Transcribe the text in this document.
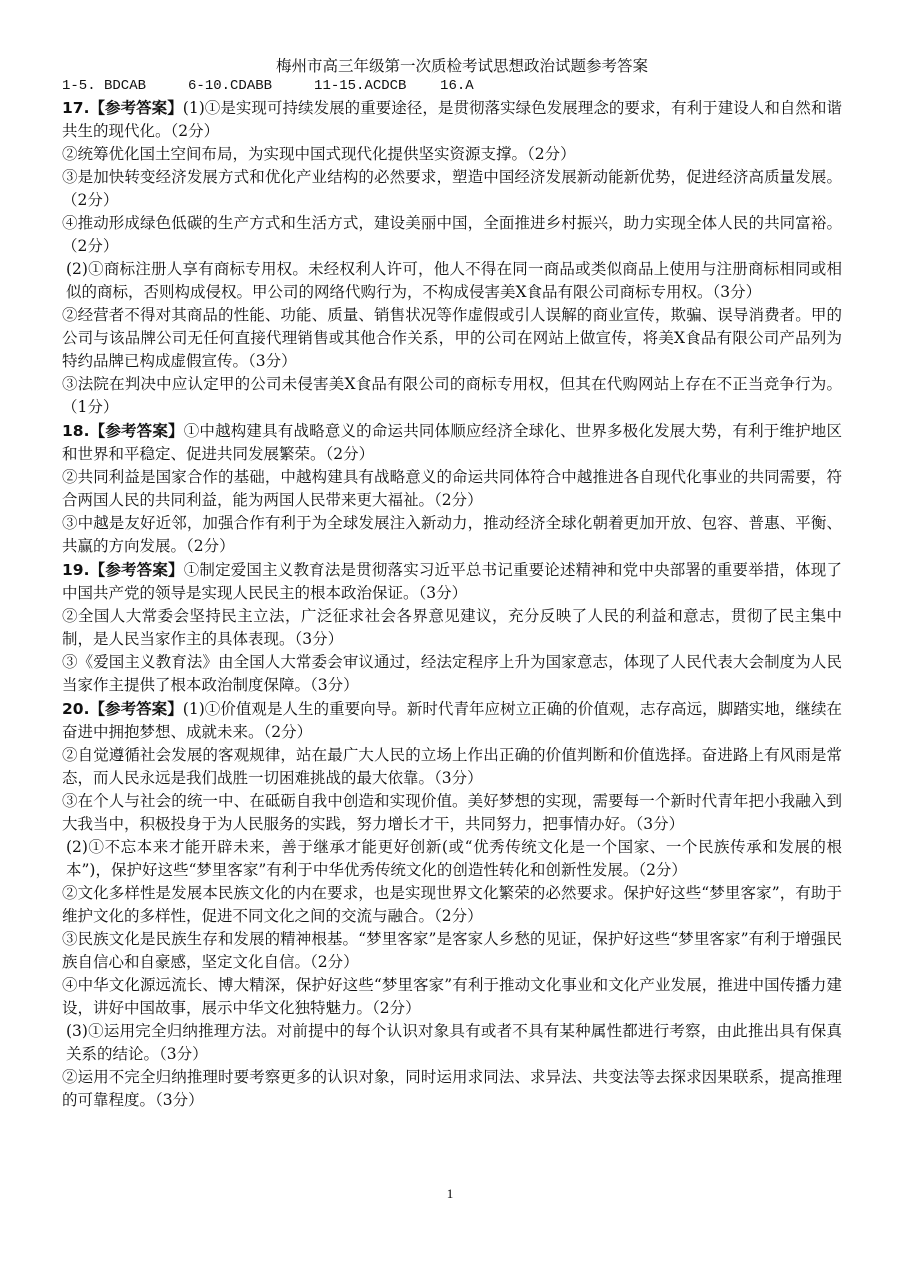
梅州市高三年级第一次质检考试思想政治试题参考答案

1-5. BDCAB     6-10.CDABB     11-15.ACDCB    16.A

17.【参考答案】(1)①是实现可持续发展的重要途径，是贯彻落实绿色发展理念的要求，有利于建设人和自然和谐共生的现代化。（2分）

②统筹优化国土空间布局，为实现中国式现代化提供坚实资源支撑。（2分）

③是加快转变经济发展方式和优化产业结构的必然要求，塑造中国经济发展新动能新优势，促进经济高质量发展。（2分）

④推动形成绿色低碳的生产方式和生活方式，建设美丽中国，全面推进乡村振兴，助力实现全体人民的共同富裕。（2分）

(2)①商标注册人享有商标专用权。未经权利人许可，他人不得在同一商品或类似商品上使用与注册商标相同或相似的商标，否则构成侵权。甲公司的网络代购行为，不构成侵害美X食品有限公司商标专用权。（3分）

②经营者不得对其商品的性能、功能、质量、销售状况等作虚假或引人误解的商业宣传，欺骗、误导消费者。甲的公司与该品牌公司无任何直接代理销售或其他合作关系，甲的公司在网站上做宣传，将美X食品有限公司产品列为特约品牌已构成虚假宣传。（3分）

③法院在判决中应认定甲的公司未侵害美X食品有限公司的商标专用权，但其在代购网站上存在不正当竞争行为。（1分）

18.【参考答案】①中越构建具有战略意义的命运共同体顺应经济全球化、世界多极化发展大势，有利于维护地区和世界和平稳定、促进共同发展繁荣。（2分）

②共同利益是国家合作的基础，中越构建具有战略意义的命运共同体符合中越推进各自现代化事业的共同需要，符合两国人民的共同利益，能为两国人民带来更大福祉。（2分）

③中越是友好近邻，加强合作有利于为全球发展注入新动力，推动经济全球化朝着更加开放、包容、普惠、平衡、共赢的方向发展。（2分）

19.【参考答案】①制定爱国主义教育法是贯彻落实习近平总书记重要论述精神和党中央部署的重要举措，体现了中国共产党的领导是实现人民民主的根本政治保证。（3分）

②全国人大常委会坚持民主立法，广泛征求社会各界意见建议，充分反映了人民的利益和意志，贯彻了民主集中制，是人民当家作主的具体表现。（3分）

③《爱国主义教育法》由全国人大常委会审议通过，经法定程序上升为国家意志，体现了人民代表大会制度为人民当家作主提供了根本政治制度保障。（3分）

20.【参考答案】(1)①价值观是人生的重要向导。新时代青年应树立正确的价值观，志存高远，脚踏实地，继续在奋进中拥抱梦想、成就未来。（2分）

②自觉遵循社会发展的客观规律，站在最广大人民的立场上作出正确的价值判断和价值选择。奋进路上有风雨是常态，而人民永远是我们战胜一切困难挑战的最大依靠。（3分）

③在个人与社会的统一中、在砥砺自我中创造和实现价值。美好梦想的实现，需要每一个新时代青年把小我融入到大我当中，积极投身于为人民服务的实践，努力增长才干，共同努力，把事情办好。（3分）

(2)①不忘本来才能开辟未来，善于继承才能更好创新(或“优秀传统文化是一个国家、一个民族传承和发展的根本”)，保护好这些“梦里客家”有利于中华优秀传统文化的创造性转化和创新性发展。（2分）

②文化多样性是发展本民族文化的内在要求，也是实现世界文化繁荣的必然要求。保护好这些“梦里客家”，有助于维护文化的多样性，促进不同文化之间的交流与融合。（2分）

③民族文化是民族生存和发展的精神根基。“梦里客家”是客家人乡愁的见证，保护好这些“梦里客家”有利于增强民族自信心和自豪感，坚定文化自信。（2分）

④中华文化源远流长、博大精深，保护好这些“梦里客家”有利于推动文化事业和文化产业发展，推进中国传播力建设，讲好中国故事，展示中华文化独特魅力。（2分）

(3)①运用完全归纳推理方法。对前提中的每个认识对象具有或者不具有某种属性都进行考察，由此推出具有保真关系的结论。（3分）

②运用不完全归纳推理时要考察更多的认识对象，同时运用求同法、求异法、共变法等去探求因果联系，提高推理的可靠程度。（3分）

1
